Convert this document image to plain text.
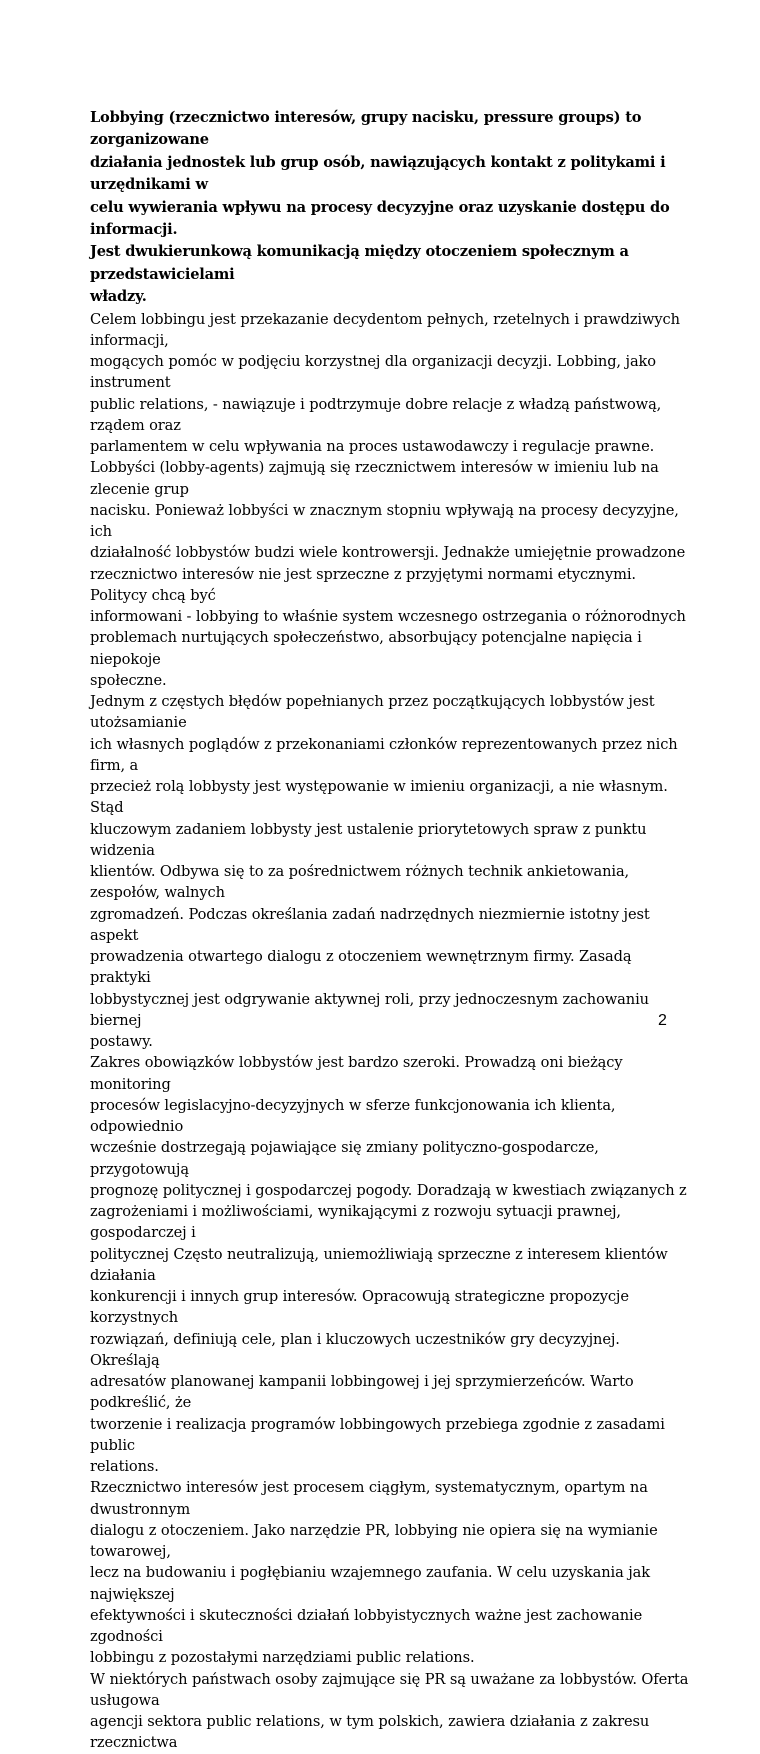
Lobbying (rzecznictwo interesów, grupy nacisku, pressure groups) to zorganizowane
działania jednostek lub grup osób, nawiązujących kontakt z politykami i urzędnikami w
celu wywierania wpływu na procesy decyzyjne oraz uzyskanie dostępu do informacji.
Jest dwukierunkową komunikacją między otoczeniem społecznym a przedstawicielami
władzy.

Celem lobbingu jest przekazanie decydentom pełnych, rzetelnych i prawdziwych informacji,
mogących pomóc w podjęciu korzystnej dla organizacji decyzji. Lobbing, jako instrument
public relations, - nawiązuje i podtrzymuje dobre relacje z władzą państwową, rządem oraz
parlamentem w celu wpływania na proces ustawodawczy i regulacje prawne.

Lobbyści (lobby-agents) zajmują się rzecznictwem interesów w imieniu lub na zlecenie grup
nacisku. Ponieważ lobbyści w znacznym stopniu wpływają na procesy decyzyjne, ich
działalność lobbystów budzi wiele kontrowersji. Jednakże umiejętnie prowadzone
rzecznictwo interesów nie jest sprzeczne z przyjętymi normami etycznymi. Politycy chcą być
informowani - lobbying to właśnie system wczesnego ostrzegania o różnorodnych
problemach nurtujących społeczeństwo, absorbujący potencjalne napięcia i niepokoje
społeczne.

Jednym z częstych błędów popełnianych przez początkujących lobbystów jest utożsamianie
ich własnych poglądów z przekonaniami członków reprezentowanych przez nich firm, a
przecież rolą lobbysty jest występowanie w imieniu organizacji, a nie własnym. Stąd
kluczowym zadaniem lobbysty jest ustalenie priorytetowych spraw z punktu widzenia
klientów. Odbywa się to za pośrednictwem różnych technik ankietowania, zespołów, walnych
zgromadzeń. Podczas określania zadań nadrzędnych niezmiernie istotny jest aspekt
prowadzenia otwartego dialogu z otoczeniem wewnętrznym firmy. Zasadą praktyki
lobbystycznej jest odgrywanie aktywnej roli, przy jednoczesnym zachowaniu biernej
postawy.

Zakres obowiązków lobbystów jest bardzo szeroki. Prowadzą oni bieżący monitoring
procesów legislacyjno-decyzyjnych w sferze funkcjonowania ich klienta, odpowiednio
wcześnie dostrzegają pojawiające się zmiany polityczno-gospodarcze, przygotowują
prognozę politycznej i gospodarczej pogody. Doradzają w kwestiach związanych z
zagrożeniami i możliwościami, wynikającymi z rozwoju sytuacji prawnej, gospodarczej i
politycznej Często neutralizują, uniemożliwiają sprzeczne z interesem klientów działania
konkurencji i innych grup interesów. Opracowują strategiczne propozycje korzystnych
rozwiązań, definiują cele, plan i kluczowych uczestników gry decyzyjnej. Określają
adresatów planowanej kampanii lobbingowej i jej sprzymierzeńców. Warto podkreślić, że
tworzenie i realizacja programów lobbingowych przebiega zgodnie z zasadami public
relations.

Rzecznictwo interesów jest procesem ciągłym, systematycznym, opartym na dwustronnym
dialogu z otoczeniem. Jako narzędzie PR, lobbying nie opiera się na wymianie towarowej,
lecz na budowaniu i pogłębianiu wzajemnego zaufania. W celu uzyskania jak największej
efektywności i skuteczności działań lobbyistycznych ważne jest zachowanie zgodności
lobbingu z pozostałymi narzędziami public relations.

W niektórych państwach osoby zajmujące się PR są uważane za lobbystów. Oferta usługowa
agencji sektora public relations, w tym polskich, zawiera działania z zakresu rzecznictwa

2
